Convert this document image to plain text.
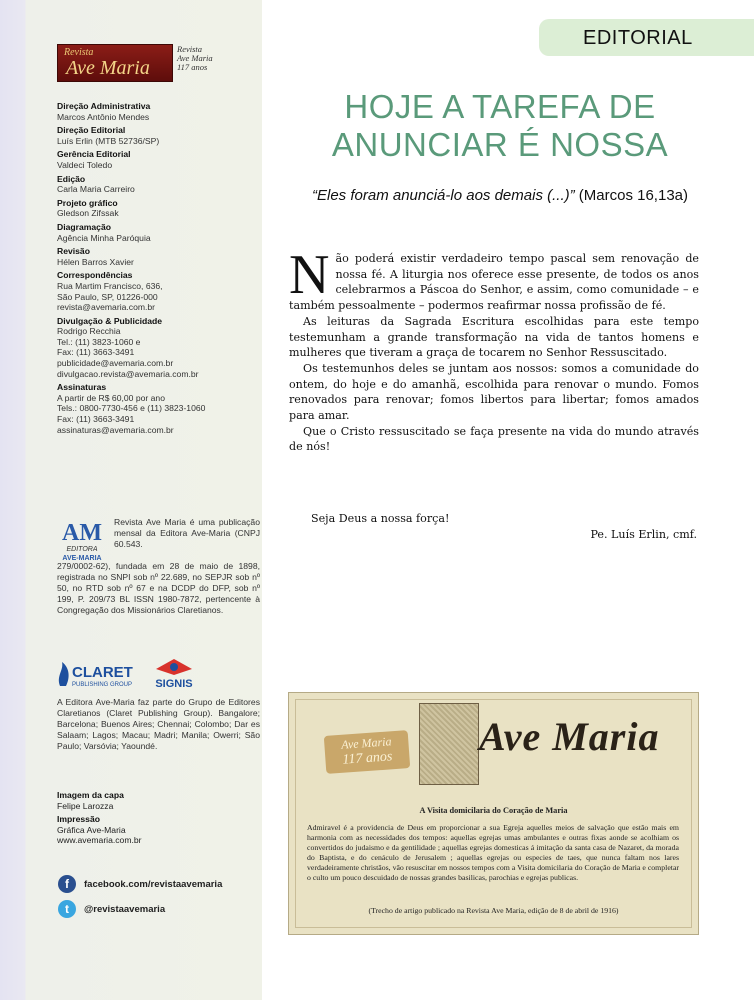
Revista
Ave Maria
Revista
Ave Maria
117 anos
Direção Administrativa
Marcos Antônio Mendes
Direção Editorial
Luís Erlin (MTB 52736/SP)
Gerência Editorial
Valdeci Toledo
Edição
Carla Maria Carreiro
Projeto gráfico
Gledson Zifssak
Diagramação
Agência Minha Paróquia
Revisão
Hélen Barros Xavier
Correspondências
Rua Martim Francisco, 636,
São Paulo, SP, 01226-000
revista@avemaria.com.br
Divulgação & Publicidade
Rodrigo Recchia
Tel.: (11) 3823-1060 e
Fax: (11) 3663-3491
publicidade@avemaria.com.br
divulgacao.revista@avemaria.com.br
Assinaturas
A partir de R$ 60,00 por ano
Tels.: 0800-7730-456 e (11) 3823-1060
Fax: (11) 3663-3491
assinaturas@avemaria.com.br
AM
EDITORA
AVE-MARIA
Revista Ave Maria é uma publicação mensal da Editora Ave-Maria (CNPJ 60.543.
279/0002-62), fundada em 28 de maio de 1898, registrada no SNPI sob nº 22.689, no SEPJR sob nº 50, no RTD sob nº 67 e na DCDP do DFP, sob nº 199, P. 209/73 BL ISSN 1980-7872, pertencente à Congregação dos Missionários Claretianos.
CLARET
PUBLISHING GROUP SIGNIS
A Editora Ave-Maria faz parte do Grupo de Editores Claretianos (Claret Publishing Group). Bangalore; Barcelona; Buenos Aires; Chennai; Colombo; Dar es Salaam; Lagos; Macau; Madri; Manila; Owerri; São Paulo; Varsóvia; Yaoundé.
Imagem da capa
Felipe Larozza
Impressão
Gráfica Ave-Maria
www.avemaria.com.br
f	facebook.com/revistaavemaria
t	@revistaavemaria
EDITORIAL
HOJE A TAREFA DE
ANUNCIAR É NOSSA
“Eles foram anunciá-lo aos demais (...)” (Marcos 16,13a)

Não poderá existir verdadeiro tempo pascal sem renovação de nossa fé. A liturgia nos oferece esse presente, de todos os anos celebrarmos a Páscoa do Senhor, e assim, como comunidade – e também pessoalmente – podermos reafirmar nossa profissão de fé.

As leituras da Sagrada Escritura escolhidas para este tempo testemunham a grande transformação na vida de tantos homens e mulheres que tiveram a graça de tocarem no Senhor Ressuscitado.

Os testemunhos deles se juntam aos nossos: somos a comunidade do ontem, do hoje e do amanhã, escolhida para renovar o mundo. Fomos renovados para renovar; fomos libertos para libertar; fomos amados para amar.

Que o Cristo ressuscitado se faça presente na vida do mundo através de nós!

Seja Deus a nossa força!
Pe. Luís Erlin, cmf.
Ave Maria
Ave Maria
117 anos
A Visita domicilaria do Coração de Maria
Admiravel é a providencia de Deus em proporcionar a sua Egreja aquelles meios de salvação que estão mais em harmonia com as necessidades dos tempos: aquellas egrejas umas ambulantes e outras fixas aonde se acolhiam os convertidos do judaismo e da gentilidade ; aquellas egrejas domesticas á imitação da santa casa de Nazaret, da morada do Baptista, e do cenáculo de Jerusalem ; aquellas egrejas ou especies de taes, que nunca faltam nos lares verdadeiramente christãos, vão resuscitar em nossos tempos com a Visita domicilaria do Coração de Maria e completar o culto um pouco descuidado de nossas grandes basilicas, parochias e egrejas publicas.
(Trecho de artigo publicado na Revista Ave Maria, edição de 8 de abril de 1916)
